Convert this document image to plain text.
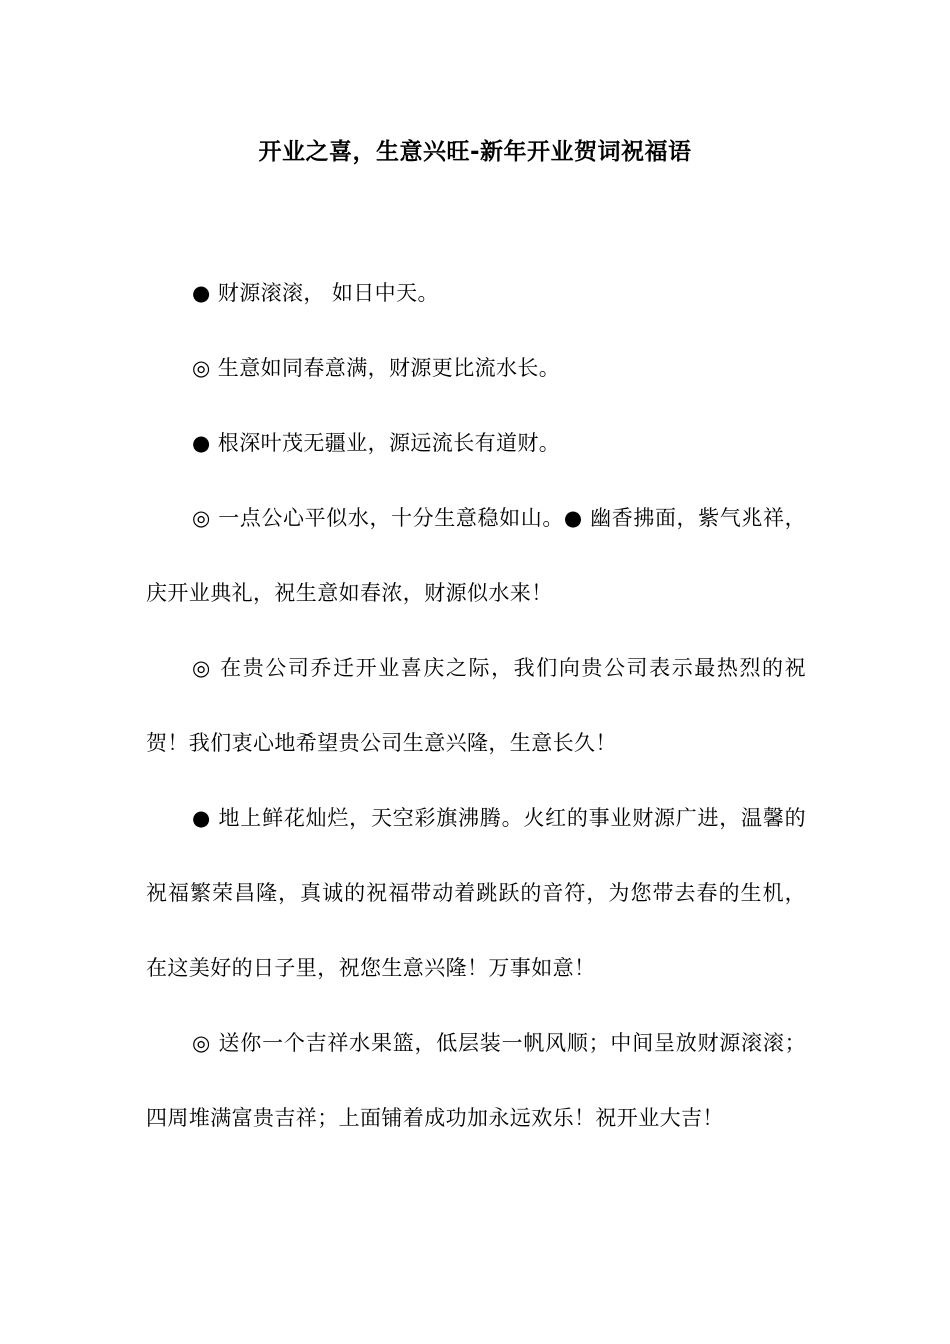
开业之喜，生意兴旺-新年开业贺词祝福语

● 财源滚滚， 如日中天。

◎ 生意如同春意满，财源更比流水长。

● 根深叶茂无疆业，源远流长有道财。

◎ 一点公心平似水，十分生意稳如山。● 幽香拂面，紫气兆祥，庆开业典礼，祝生意如春浓，财源似水来！

◎ 在贵公司乔迁开业喜庆之际，我们向贵公司表示最热烈的祝贺！我们衷心地希望贵公司生意兴隆，生意长久！

● 地上鲜花灿烂，天空彩旗沸腾。火红的事业财源广进，温馨的祝福繁荣昌隆，真诚的祝福带动着跳跃的音符，为您带去春的生机，在这美好的日子里，祝您生意兴隆！万事如意！

◎ 送你一个吉祥水果篮，低层装一帆风顺；中间呈放财源滚滚；四周堆满富贵吉祥；上面铺着成功加永远欢乐！祝开业大吉！
